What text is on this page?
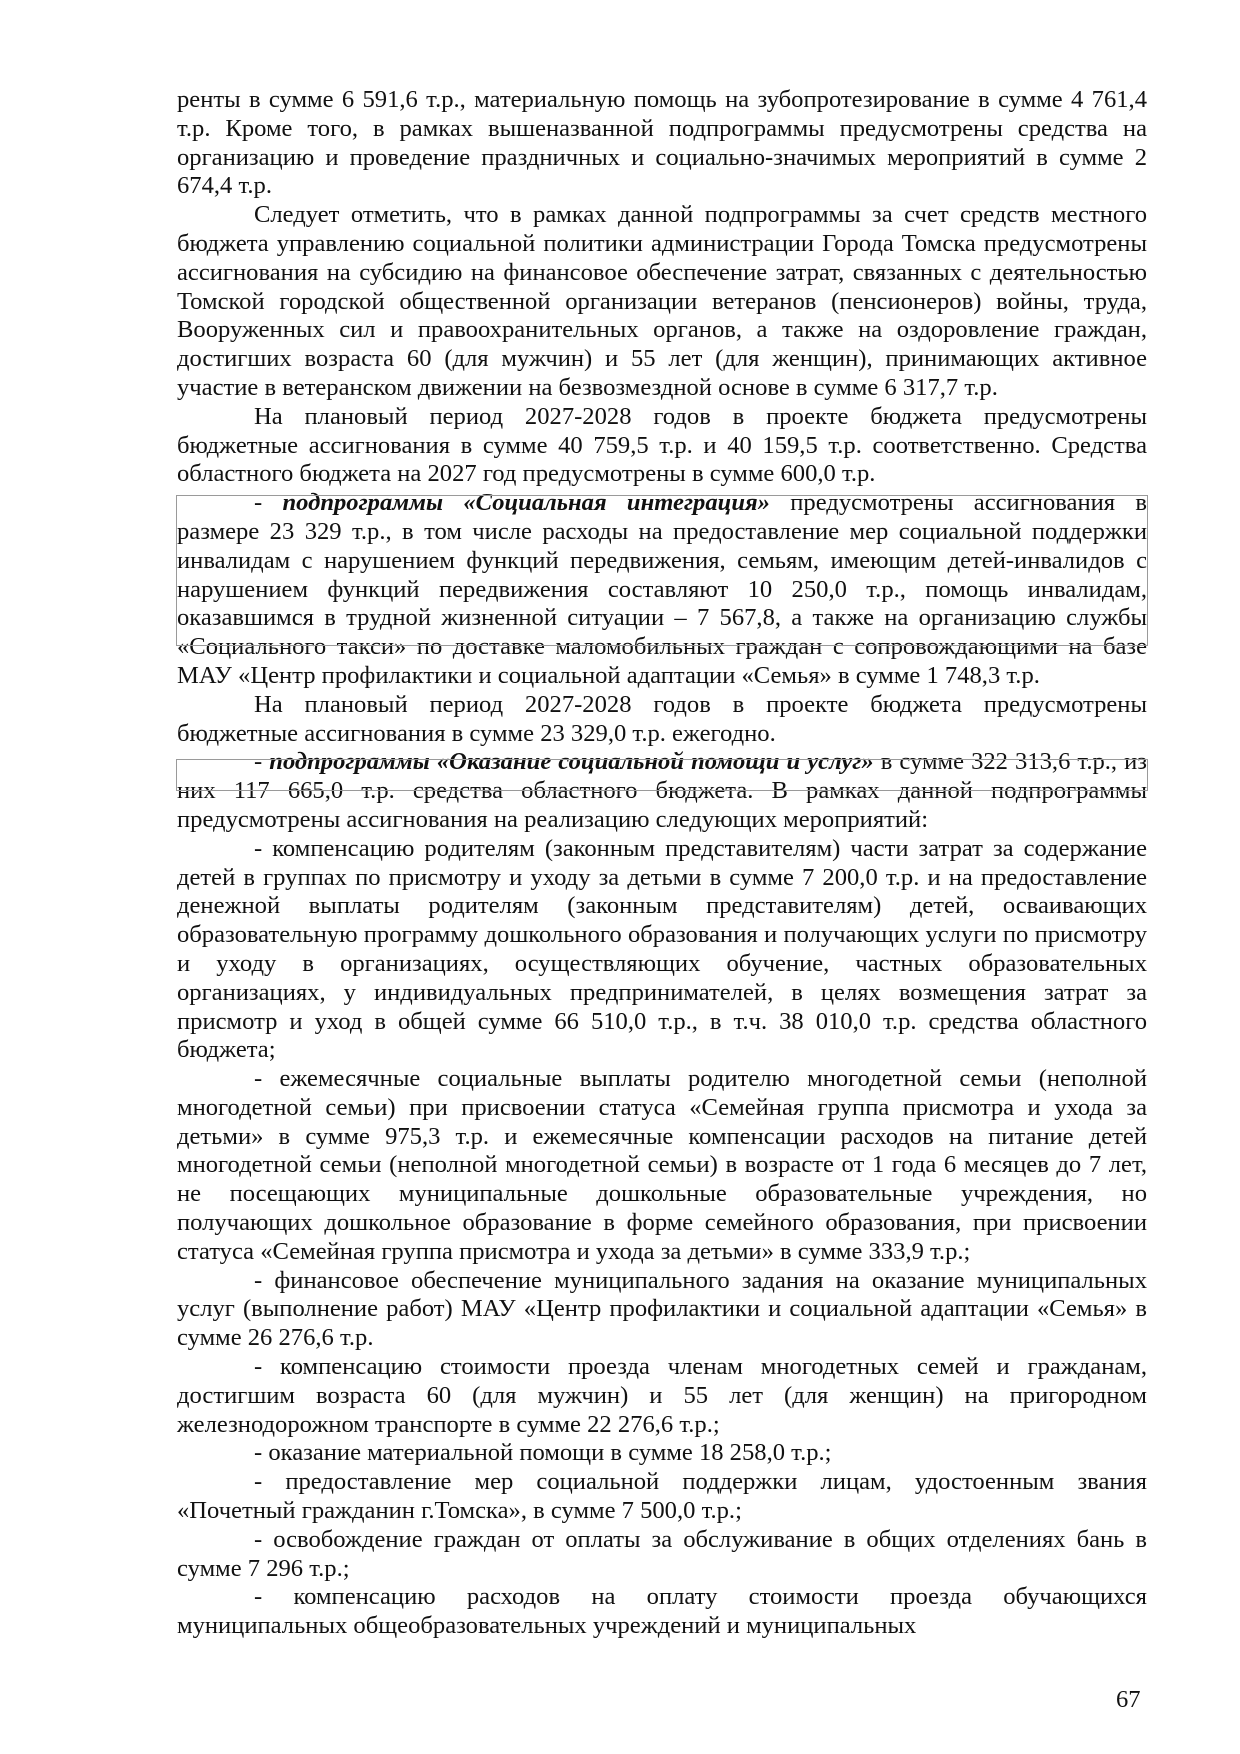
ренты в сумме 6 591,6 т.р., материальную помощь на зубопротезирование в сумме 4 761,4 т.р. Кроме того, в рамках вышеназванной подпрограммы предусмотрены средства на организацию и проведение праздничных и социально-значимых мероприятий в сумме 2 674,4 т.р.

Следует отметить, что в рамках данной подпрограммы за счет средств местного бюджета управлению социальной политики администрации Города Томска предусмотрены ассигнования на субсидию на финансовое обеспечение затрат, связанных с деятельностью Томской городской общественной организации ветеранов (пенсионеров) войны, труда, Вооруженных сил и правоохранительных органов, а также на оздоровление граждан, достигших возраста 60 (для мужчин) и 55 лет (для женщин), принимающих активное участие в ветеранском движении на безвозмездной основе в сумме 6 317,7 т.р.

На плановый период 2027-2028 годов в проекте бюджета предусмотрены бюджетные ассигнования в сумме 40 759,5 т.р. и 40 159,5 т.р. соответственно. Средства областного бюджета на 2027 год предусмотрены в сумме 600,0 т.р.

- подпрограммы «Социальная интеграция» предусмотрены ассигнования в размере 23 329 т.р., в том числе расходы на предоставление мер социальной поддержки инвалидам с нарушением функций передвижения, семьям, имеющим детей-инвалидов с нарушением функций передвижения составляют 10 250,0 т.р., помощь инвалидам, оказавшимся в трудной жизненной ситуации – 7 567,8, а также на организацию службы «Социального такси» по доставке маломобильных граждан с сопровождающими на базе МАУ «Центр профилактики и социальной адаптации «Семья» в сумме 1 748,3 т.р.

На плановый период 2027-2028 годов в проекте бюджета предусмотрены бюджетные ассигнования в сумме 23 329,0 т.р. ежегодно.

- подпрограммы «Оказание социальной помощи и услуг» в сумме 322 313,6 т.р., из них 117 665,0 т.р. средства областного бюджета. В рамках данной подпрограммы предусмотрены ассигнования на реализацию следующих мероприятий:

- компенсацию родителям (законным представителям) части затрат за содержание детей в группах по присмотру и уходу за детьми в сумме 7 200,0 т.р. и на предоставление денежной выплаты родителям (законным представителям) детей, осваивающих образовательную программу дошкольного образования и получающих услуги по присмотру и уходу в организациях, осуществляющих обучение, частных образовательных организациях, у индивидуальных предпринимателей, в целях возмещения затрат за присмотр и уход в общей сумме 66 510,0 т.р., в т.ч. 38 010,0 т.р. средства областного бюджета;

- ежемесячные социальные выплаты родителю многодетной семьи (неполной многодетной семьи) при присвоении статуса «Семейная группа присмотра и ухода за детьми» в сумме 975,3 т.р. и ежемесячные компенсации расходов на питание детей многодетной семьи (неполной многодетной семьи) в возрасте от 1 года 6 месяцев до 7 лет, не посещающих муниципальные дошкольные образовательные учреждения, но получающих дошкольное образование в форме семейного образования, при присвоении статуса «Семейная группа присмотра и ухода за детьми» в сумме 333,9 т.р.;

- финансовое обеспечение муниципального задания на оказание муниципальных услуг (выполнение работ) МАУ «Центр профилактики и социальной адаптации «Семья» в сумме 26 276,6 т.р.

- компенсацию стоимости проезда членам многодетных семей и гражданам, достигшим возраста 60 (для мужчин) и 55 лет (для женщин) на пригородном железнодорожном транспорте в сумме 22 276,6 т.р.;

- оказание материальной помощи в сумме 18 258,0 т.р.;

- предоставление мер социальной поддержки лицам, удостоенным звания «Почетный гражданин г.Томска», в сумме 7 500,0 т.р.;

- освобождение граждан от оплаты за обслуживание в общих отделениях бань в сумме 7 296 т.р.;

- компенсацию расходов на оплату стоимости проезда обучающихся муниципальных общеобразовательных учреждений и муниципальных

67
